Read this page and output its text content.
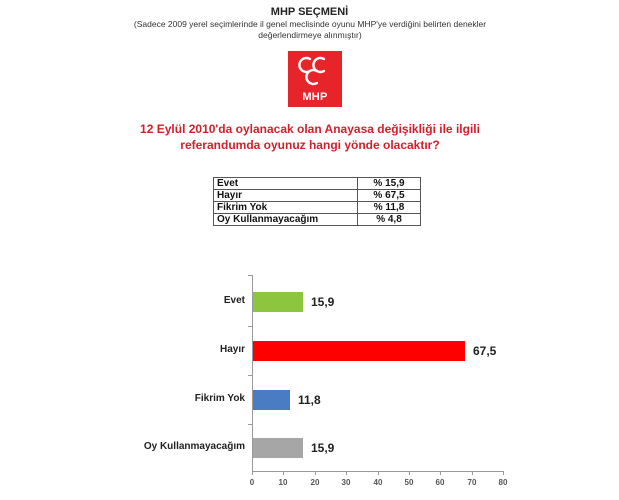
MHP SEÇMENİ
(Sadece 2009 yerel seçimlerinde il genel meclisinde oyunu MHP'ye verdiğini belirten denekler
değerlendirmeye alınmıştır)
MHP
12 Eylül 2010'da oylanacak olan Anayasa değişikliği ile ilgili
referandumda oyunuz hangi yönde olacaktır?
Evet	% 15,9
Hayır	% 67,5
Fikrim Yok	% 11,8
Oy Kullanmayacağım	% 4,8
Evet	15,9
Hayır	67,5
Fikrim Yok	11,8
Oy Kullanmayacağım	15,9
0	10	20	30	40	50	60	70	80
